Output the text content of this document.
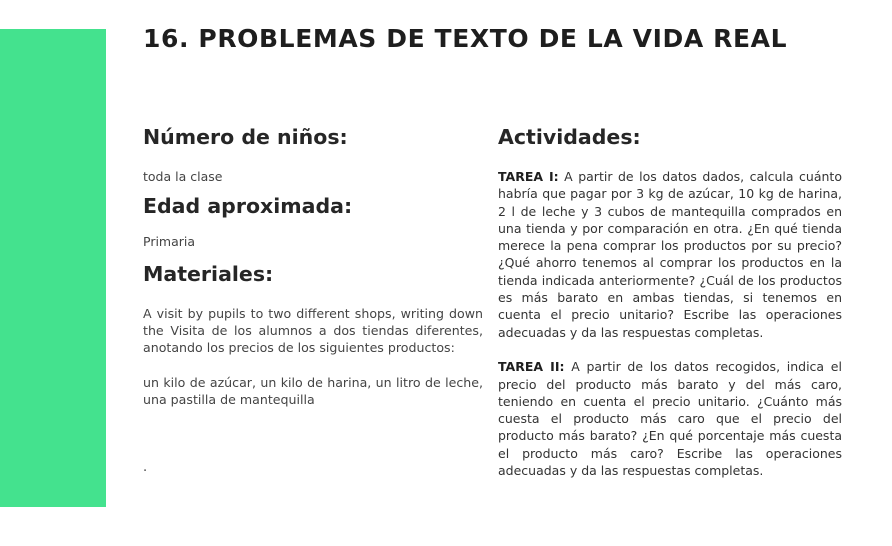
16. PROBLEMAS DE TEXTO DE LA VIDA REAL
Número de niños:

toda la clase

Edad aproximada:

Primaria

Materiales:

A visit by pupils to two different shops, writing down the Visita de los alumnos a dos tiendas diferentes, anotando los precios de los siguientes productos:

un kilo de azúcar, un kilo de harina, un litro de leche, una pastilla de mantequilla

.
Actividades:

TAREA I: A partir de los datos dados, calcula cuánto habría que pagar por 3 kg de azúcar, 10 kg de harina, 2 l de leche y 3 cubos de mantequilla comprados en una tienda y por comparación en otra. ¿En qué tienda merece la pena comprar los productos por su precio? ¿Qué ahorro tenemos al comprar los productos en la tienda indicada anteriormente? ¿Cuál de los productos es más barato en ambas tiendas, si tenemos en cuenta el precio unitario? Escribe las operaciones adecuadas y da las respuestas completas.

TAREA II: A partir de los datos recogidos, indica el precio del producto más barato y del más caro, teniendo en cuenta el precio unitario. ¿Cuánto más cuesta el producto más caro que el precio del producto más barato? ¿En qué porcentaje más cuesta el producto más caro? Escribe las operaciones adecuadas y da las respuestas completas.
